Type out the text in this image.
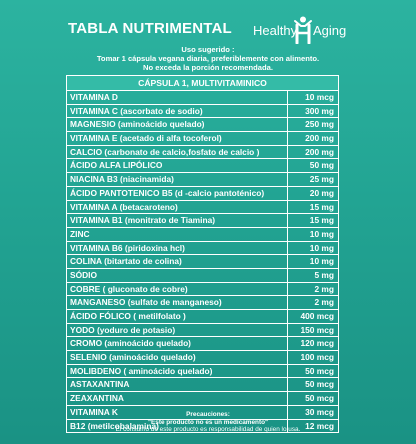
TABLA NUTRIMENTAL Healthy Aging
Uso sugerido :
Tomar 1 cápsula vegana diaria, preferiblemente con alimento.
No exceda la porción recomendada.
CÁPSULA 1, MULTIVITAMINICO
VITAMINA D	10 mcg
VITAMINA C (ascorbato de sodio)	300 mg
MAGNESIO (aminoácido quelado)	250 mg
VITAMINA E (acetado di alfa tocoferol)	200 mg
CALCIO (carbonato de calcio,fosfato de calcio )	200 mg
ÁCIDO ALFA LIPÓLICO	50 mg
NIACINA B3 (niacinamida)	25 mg
ÁCIDO PANTOTENICO B5 (d -calcio pantoténico)	20 mg
VITAMINA A (betacaroteno)	15 mg
VITAMINA B1 (monitrato de Tiamina)	15 mg
ZINC	10 mg
VITAMINA B6 (piridoxina hcl)	10 mg
COLINA (bitartato de colina)	10 mg
SÓDIO	5 mg
COBRE ( gluconato de cobre)	2 mg
MANGANESO (sulfato de manganeso)	2 mg
ÁCIDO FÓLICO ( metilfolato )	400 mcg
YODO (yoduro de potasio)	150 mcg
CROMO (aminoácido quelado)	120 mcg
SELENIO (aminoácido quelado)	100 mcg
MOLIBDENO ( aminoácido quelado)	50 mcg
ASTAXANTINA	50 mcg
ZEAXANTINA	50 mcg
VITAMINA K	30 mcg
B12 (metilcobalamina)	12 mcg
Precauciones:
"Este producto no es un medicamento"
El consumo de este producto es responsabilidad de quien lo usa.
